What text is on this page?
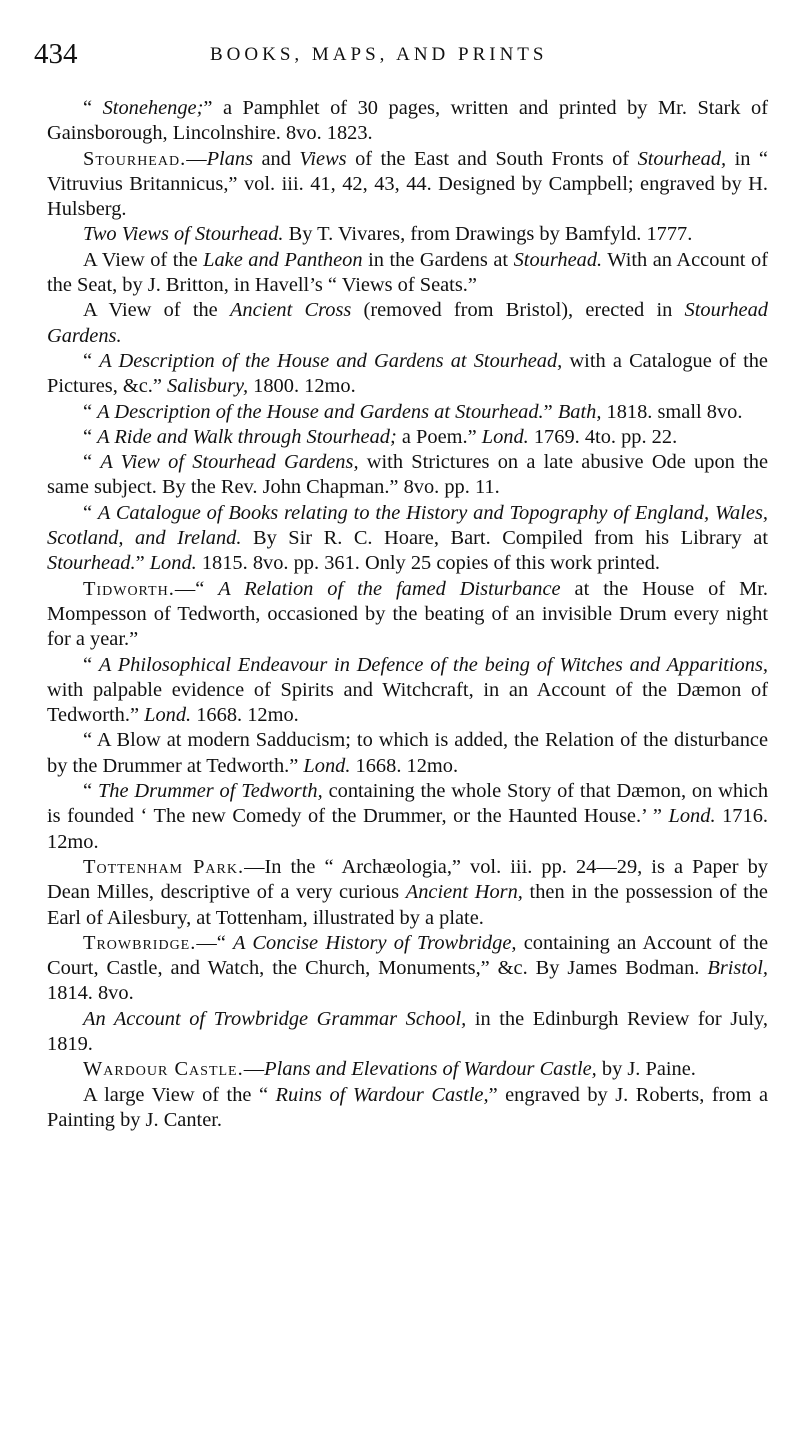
434	BOOKS, MAPS, AND PRINTS

“ Stonehenge;” a Pamphlet of 30 pages, written and printed by Mr. Stark of Gainsborough, Lincolnshire. 8vo. 1823.

Stourhead.—Plans and Views of the East and South Fronts of Stourhead, in “ Vitruvius Britannicus,” vol. iii. 41, 42, 43, 44. Designed by Campbell; engraved by H. Hulsberg.

Two Views of Stourhead. By T. Vivares, from Drawings by Bamfyld. 1777.

A View of the Lake and Pantheon in the Gardens at Stourhead. With an Account of the Seat, by J. Britton, in Havell’s “ Views of Seats.”

A View of the Ancient Cross (removed from Bristol), erected in Stourhead Gardens.

“ A Description of the House and Gardens at Stourhead, with a Catalogue of the Pictures, &c.” Salisbury, 1800. 12mo.

“ A Description of the House and Gardens at Stourhead.” Bath, 1818. small 8vo.

“ A Ride and Walk through Stourhead; a Poem.” Lond. 1769. 4to. pp. 22.

“ A View of Stourhead Gardens, with Strictures on a late abusive Ode upon the same subject. By the Rev. John Chapman.” 8vo. pp. 11.

“ A Catalogue of Books relating to the History and Topography of England, Wales, Scotland, and Ireland. By Sir R. C. Hoare, Bart. Compiled from his Library at Stourhead.” Lond. 1815. 8vo. pp. 361. Only 25 copies of this work printed.

Tidworth.—“ A Relation of the famed Disturbance at the House of Mr. Mompesson of Tedworth, occasioned by the beating of an invisible Drum every night for a year.”

“ A Philosophical Endeavour in Defence of the being of Witches and Apparitions, with palpable evidence of Spirits and Witchcraft, in an Account of the Dæmon of Tedworth.” Lond. 1668. 12mo.

“ A Blow at modern Sadducism; to which is added, the Relation of the disturbance by the Drummer at Tedworth.” Lond. 1668. 12mo.

“ The Drummer of Tedworth, containing the whole Story of that Dæmon, on which is founded ‘ The new Comedy of the Drummer, or the Haunted House.’ ” Lond. 1716. 12mo.

Tottenham Park.—In the “ Archæologia,” vol. iii. pp. 24—29, is a Paper by Dean Milles, descriptive of a very curious Ancient Horn, then in the possession of the Earl of Ailesbury, at Tottenham, illustrated by a plate.

Trowbridge.—“ A Concise History of Trowbridge, containing an Account of the Court, Castle, and Watch, the Church, Monuments,” &c. By James Bodman. Bristol, 1814. 8vo.

An Account of Trowbridge Grammar School, in the Edinburgh Review for July, 1819.

Wardour Castle.—Plans and Elevations of Wardour Castle, by J. Paine.

A large View of the “ Ruins of Wardour Castle,” engraved by J. Roberts, from a Painting by J. Canter.
